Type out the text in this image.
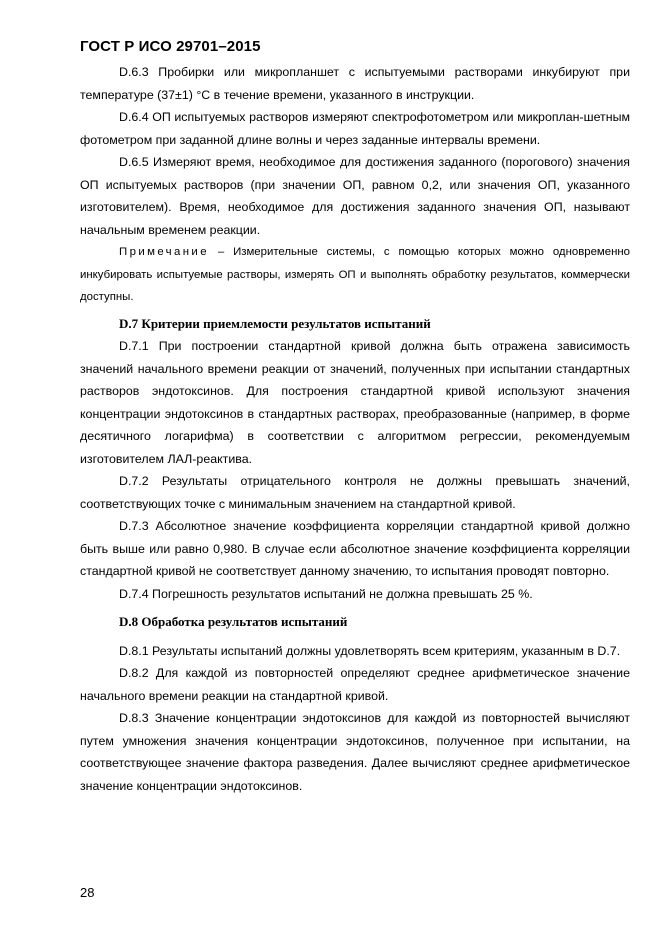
ГОСТ Р ИСО 29701–2015

D.6.3 Пробирки или микропланшет с испытуемыми растворами инкубируют при температуре (37±1) °С в течение времени, указанного в инструкции.

D.6.4 ОП испытуемых растворов измеряют спектрофотометром или микроплан-шетным фотометром при заданной длине волны и через заданные интервалы времени.

D.6.5 Измеряют время, необходимое для достижения заданного (порогового) значения ОП испытуемых растворов (при значении ОП, равном 0,2, или значения ОП, указанного изготовителем). Время, необходимое для достижения заданного значения ОП, называют начальным временем реакции.

Примечание – Измерительные системы, с помощью которых можно одновременно инкубировать испытуемые растворы, измерять ОП и выполнять обработку результатов, коммерчески доступны.

D.7 Критерии приемлемости результатов испытаний

D.7.1 При построении стандартной кривой должна быть отражена зависимость значений начального времени реакции от значений, полученных при испытании стандартных растворов эндотоксинов. Для построения стандартной кривой используют значения концентрации эндотоксинов в стандартных растворах, преобразованные (например, в форме десятичного логарифма) в соответствии с алгоритмом регрессии, рекомендуемым изготовителем ЛАЛ-реактива.

D.7.2 Результаты отрицательного контроля не должны превышать значений, соответствующих точке с минимальным значением на стандартной кривой.

D.7.3 Абсолютное значение коэффициента корреляции стандартной кривой должно быть выше или равно 0,980. В случае если абсолютное значение коэффициента корреляции стандартной кривой не соответствует данному значению, то испытания проводят повторно.

D.7.4 Погрешность результатов испытаний не должна превышать 25 %.

D.8 Обработка результатов испытаний

D.8.1 Результаты испытаний должны удовлетворять всем критериям, указанным в D.7.

D.8.2 Для каждой из повторностей определяют среднее арифметическое значение начального времени реакции на стандартной кривой.

D.8.3 Значение концентрации эндотоксинов для каждой из повторностей вычисляют путем умножения значения концентрации эндотоксинов, полученное при испытании, на соответствующее значение фактора разведения. Далее вычисляют среднее арифметическое значение концентрации эндотоксинов.

28
